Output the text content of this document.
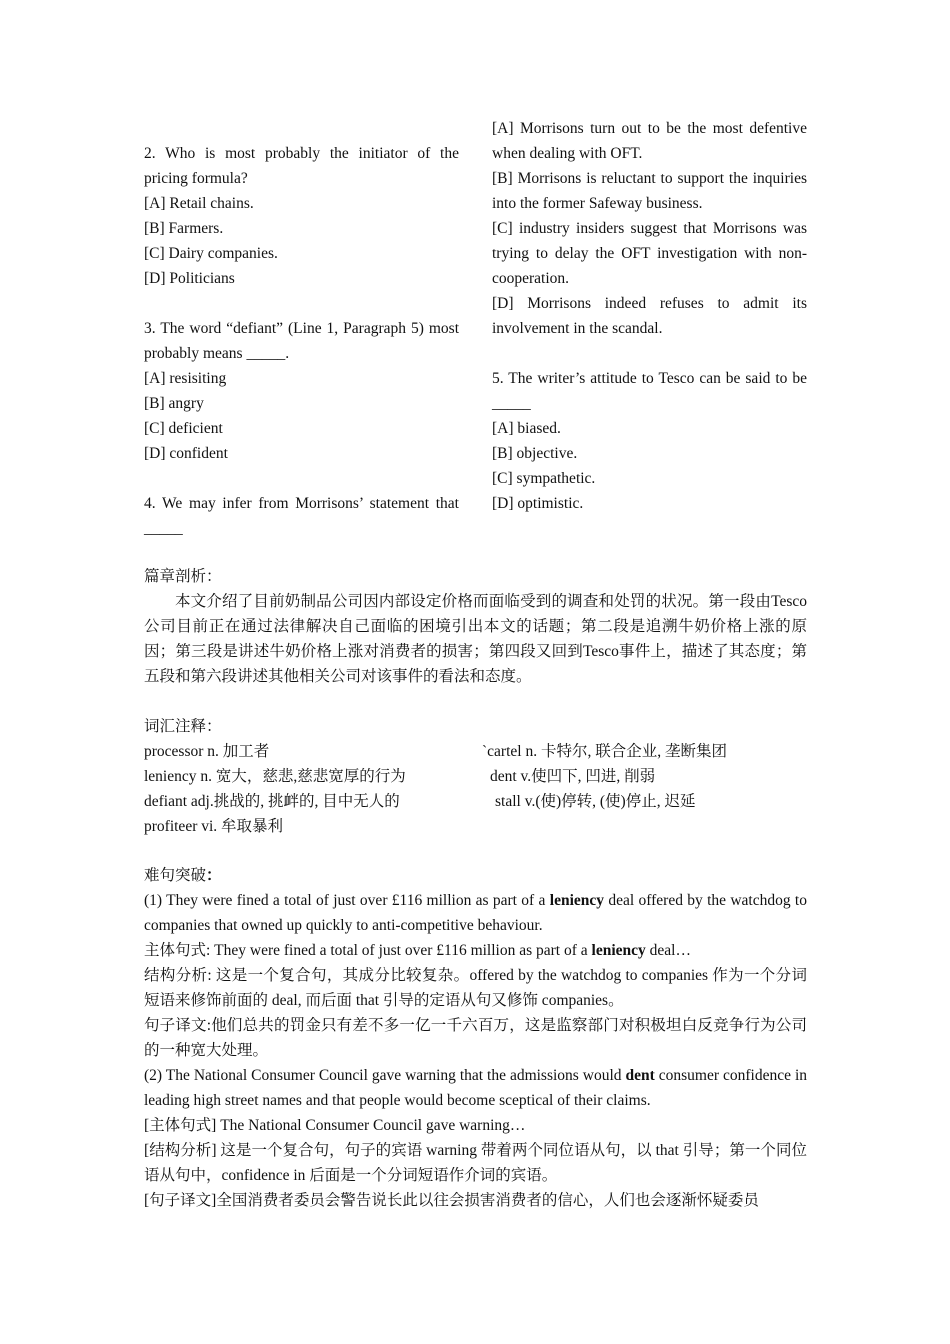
2. Who is most probably the initiator of the pricing formula?

[A] Retail chains.

[B] Farmers.

[C] Dairy companies.

[D] Politicians

3. The word “defiant” (Line 1, Paragraph 5) most probably means _____.

[A] resisiting

[B] angry

[C] deficient

[D] confident

4. We may infer from Morrisons’ statement that _____

[A] Morrisons turn out to be the most defentive when dealing with OFT.

[B] Morrisons is reluctant to support the inquiries into the former Safeway business.

[C] industry insiders suggest that Morrisons was trying to delay the OFT investigation with non-cooperation.

[D] Morrisons indeed refuses to admit its involvement in the scandal.

5. The writer’s attitude to Tesco can be said to be _____

[A] biased.

[B] objective.

[C] sympathetic.

[D] optimistic.

篇章剖析：

本文介绍了目前奶制品公司因内部设定价格而面临受到的调查和处罚的状况。第一段由Tesco公司目前正在通过法律解决自己面临的困境引出本文的话题；第二段是追溯牛奶价格上涨的原因；第三段是讲述牛奶价格上涨对消费者的损害；第四段又回到Tesco事件上，描述了其态度；第五段和第六段讲述其他相关公司对该事件的看法和态度。

词汇注释：
processor n. 加工者	`cartel n. 卡特尔, 联合企业, 垄断集团
leniency n. 宽大，慈悲,慈悲宽厚的行为	dent v.使凹下, 凹进, 削弱
defiant adj.挑战的, 挑衅的, 目中无人的	stall v.(使)停转, (使)停止, 迟延
profiteer vi. 牟取暴利

难句突破：

(1) They were fined a total of just over £116 million as part of a leniency deal offered by the watchdog to companies that owned up quickly to anti-competitive behaviour.

主体句式: They were fined a total of just over £116 million as part of a leniency deal…

结构分析: 这是一个复合句，其成分比较复杂。offered by the watchdog to companies 作为一个分词短语来修饰前面的 deal, 而后面 that 引导的定语从句又修饰 companies。

句子译文:他们总共的罚金只有差不多一亿一千六百万，这是监察部门对积极坦白反竞争行为公司的一种宽大处理。

(2) The National Consumer Council gave warning that the admissions would dent consumer confidence in leading high street names and that people would become sceptical of their claims.

[主体句式] The National Consumer Council gave warning…

[结构分析] 这是一个复合句，句子的宾语 warning 带着两个同位语从句，以 that 引导；第一个同位语从句中，confidence in 后面是一个分词短语作介词的宾语。

[句子译文]全国消费者委员会警告说长此以往会损害消费者的信心，人们也会逐渐怀疑委员
